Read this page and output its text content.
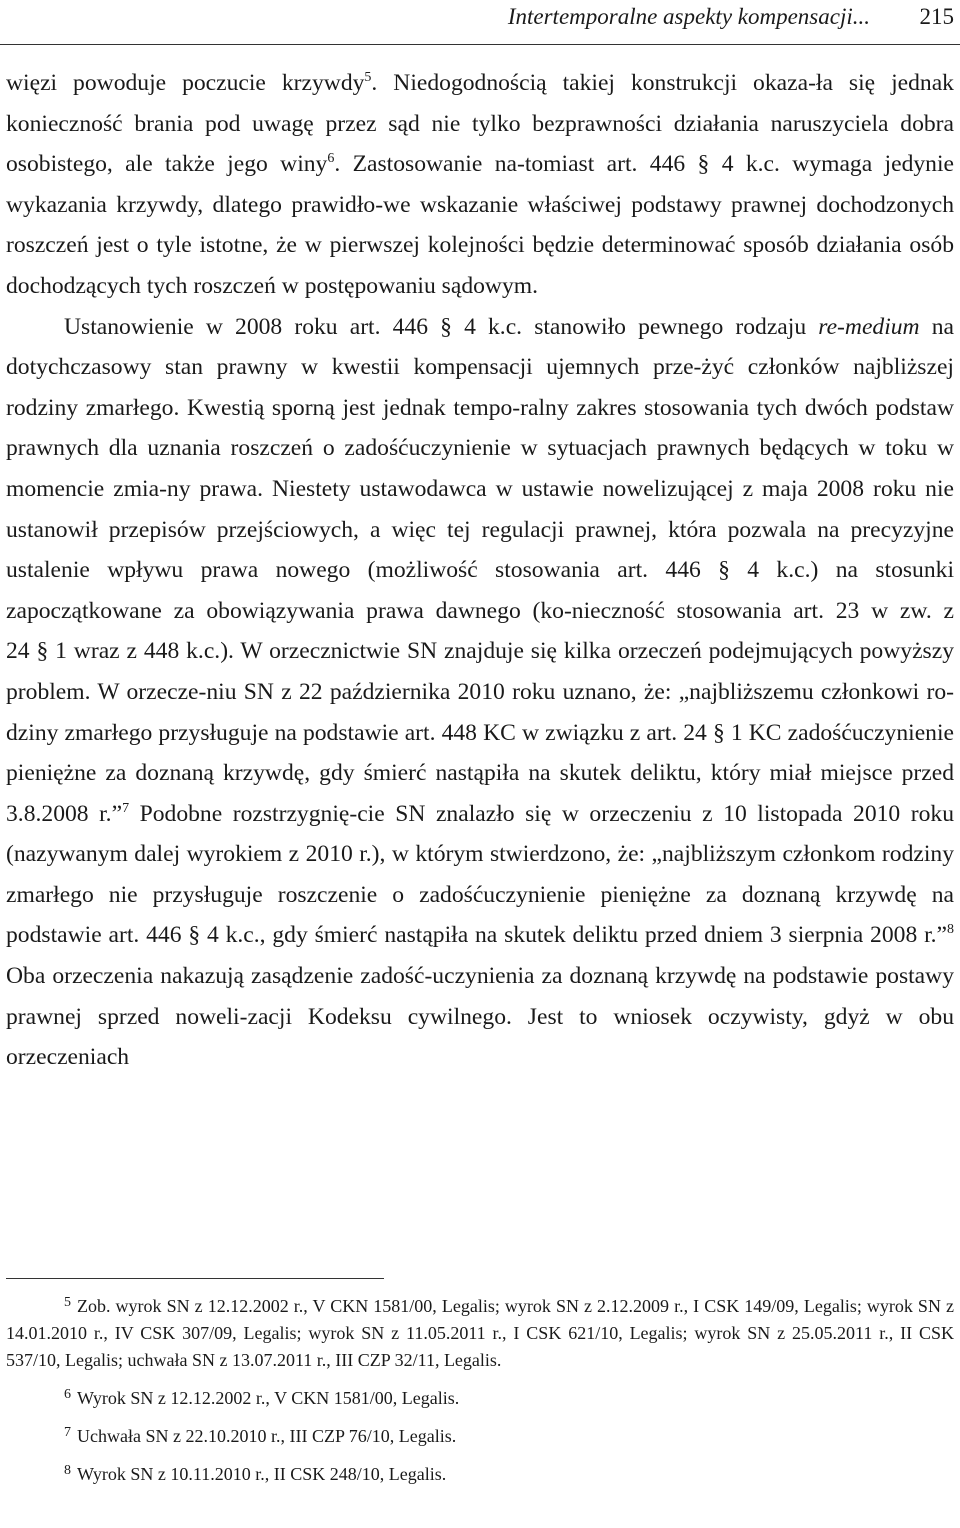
Intertemporalne aspekty kompensacji... 215

więzi powoduje poczucie krzywdy$^5$. Niedogodnością takiej konstrukcji okaza-ła się jednak konieczność brania pod uwagę przez sąd nie tylko bezprawności działania naruszyciela dobra osobistego, ale także jego winy$^6$. Zastosowanie na-tomiast art. 446 § 4 k.c. wymaga jedynie wykazania krzywdy, dlatego prawidło-we wskazanie właściwej podstawy prawnej dochodzonych roszczeń jest o tyle istotne, że w pierwszej kolejności będzie determinować sposób działania osób dochodzących tych roszczeń w postępowaniu sądowym.

Ustanowienie w 2008 roku art. 446 § 4 k.c. stanowiło pewnego rodzaju re-medium na dotychczasowy stan prawny w kwestii kompensacji ujemnych prze-żyć członków najbliższej rodziny zmarłego. Kwestią sporną jest jednak tempo-ralny zakres stosowania tych dwóch podstaw prawnych dla uznania roszczeń o zadośćuczynienie w sytuacjach prawnych będących w toku w momencie zmia-ny prawa. Niestety ustawodawca w ustawie nowelizującej z maja 2008 roku nie ustanowił przepisów przejściowych, a więc tej regulacji prawnej, która pozwala na precyzyjne ustalenie wpływu prawa nowego (możliwość stosowania art. 446 § 4 k.c.) na stosunki zapoczątkowane za obowiązywania prawa dawnego (ko-nieczność stosowania art. 23 w zw. z 24 § 1 wraz z 448 k.c.). W orzecznictwie SN znajduje się kilka orzeczeń podejmujących powyższy problem. W orzecze-niu SN z 22 października 2010 roku uznano, że: „najbliższemu członkowi ro-dziny zmarłego przysługuje na podstawie art. 448 KC w związku z art. 24 § 1 KC zadośćuczynienie pieniężne za doznaną krzywdę, gdy śmierć nastąpiła na skutek deliktu, który miał miejsce przed 3.8.2008 r.”$^7$ Podobne rozstrzygnię-cie SN znalazło się w orzeczeniu z 10 listopada 2010 roku (nazywanym dalej wyrokiem z 2010 r.), w którym stwierdzono, że: „najbliższym członkom rodziny zmarłego nie przysługuje roszczenie o zadośćuczynienie pieniężne za doznaną krzywdę na podstawie art. 446 § 4 k.c., gdy śmierć nastąpiła na skutek deliktu przed dniem 3 sierpnia 2008 r.”$^8$ Oba orzeczenia nakazują zasądzenie zadość-uczynienia za doznaną krzywdę na podstawie postawy prawnej sprzed noweli-zacji Kodeksu cywilnego. Jest to wniosek oczywisty, gdyż w obu orzeczeniach

$^5$ Zob. wyrok SN z 12.12.2002 r., V CKN 1581/00, Legalis; wyrok SN z 2.12.2009 r., I CSK 149/09, Legalis; wyrok SN z 14.01.2010 r., IV CSK 307/09, Legalis; wyrok SN z 11.05.2011 r., I CSK 621/10, Legalis; wyrok SN z 25.05.2011 r., II CSK 537/10, Legalis; uchwała SN z 13.07.2011 r., III CZP 32/11, Legalis.

$^6$ Wyrok SN z 12.12.2002 r., V CKN 1581/00, Legalis.

$^7$ Uchwała SN z 22.10.2010 r., III CZP 76/10, Legalis.

$^8$ Wyrok SN z 10.11.2010 r., II CSK 248/10, Legalis.
